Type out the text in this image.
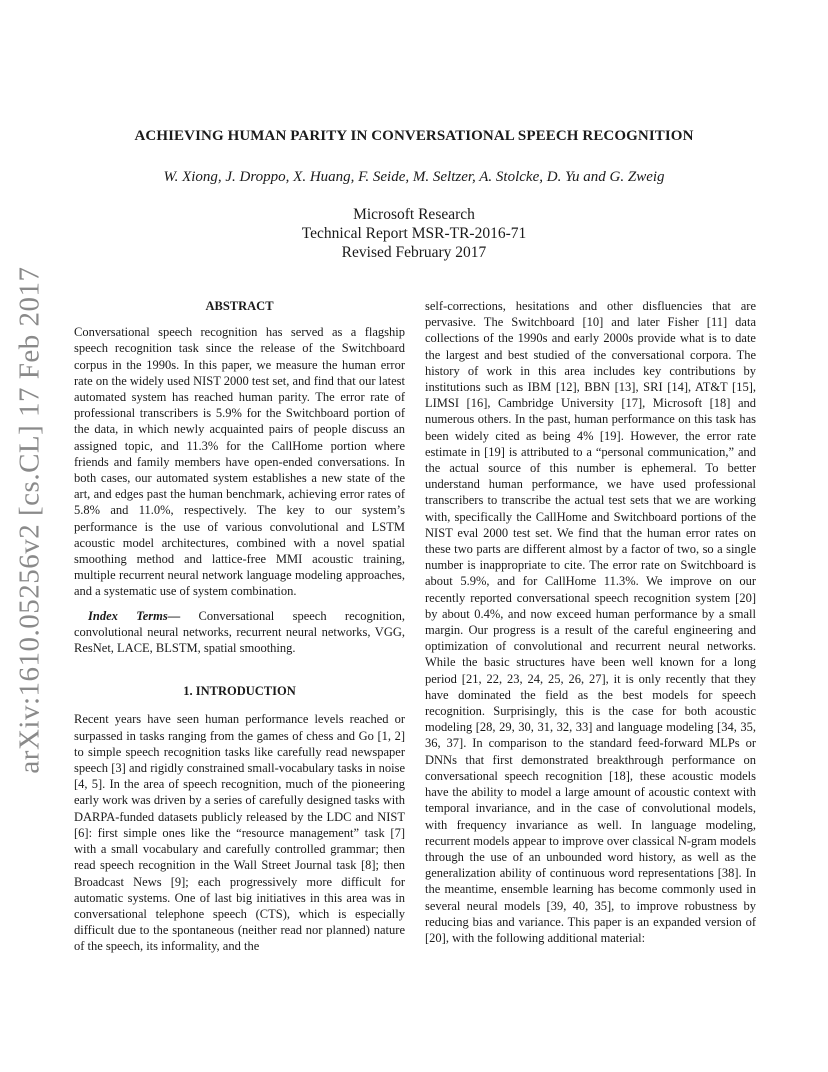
arXiv:1610.05256v2 [cs.CL] 17 Feb 2017
ACHIEVING HUMAN PARITY IN CONVERSATIONAL SPEECH RECOGNITION
W. Xiong, J. Droppo, X. Huang, F. Seide, M. Seltzer, A. Stolcke, D. Yu and G. Zweig
Microsoft Research
Technical Report MSR-TR-2016-71
Revised February 2017
ABSTRACT

Conversational speech recognition has served as a flagship speech recognition task since the release of the Switchboard corpus in the 1990s. In this paper, we measure the human error rate on the widely used NIST 2000 test set, and find that our latest automated system has reached human parity. The error rate of professional transcribers is 5.9% for the Switchboard portion of the data, in which newly acquainted pairs of people discuss an assigned topic, and 11.3% for the CallHome portion where friends and family members have open-ended conversations. In both cases, our automated system establishes a new state of the art, and edges past the human benchmark, achieving error rates of 5.8% and 11.0%, respectively. The key to our system’s performance is the use of various convolutional and LSTM acoustic model architectures, combined with a novel spatial smoothing method and lattice-free MMI acoustic training, multiple recurrent neural network language modeling approaches, and a systematic use of system combination.

Index Terms— Conversational speech recognition, convolutional neural networks, recurrent neural networks, VGG, ResNet, LACE, BLSTM, spatial smoothing.

1. INTRODUCTION

Recent years have seen human performance levels reached or surpassed in tasks ranging from the games of chess and Go [1, 2] to simple speech recognition tasks like carefully read newspaper speech [3] and rigidly constrained small-vocabulary tasks in noise [4, 5]. In the area of speech recognition, much of the pioneering early work was driven by a series of carefully designed tasks with DARPA-funded datasets publicly released by the LDC and NIST [6]: first simple ones like the “resource management” task [7] with a small vocabulary and carefully controlled grammar; then read speech recognition in the Wall Street Journal task [8]; then Broadcast News [9]; each progressively more difficult for automatic systems. One of last big initiatives in this area was in conversational telephone speech (CTS), which is especially difficult due to the spontaneous (neither read nor planned) nature of the speech, its informality, and the

self-corrections, hesitations and other disfluencies that are pervasive. The Switchboard [10] and later Fisher [11] data collections of the 1990s and early 2000s provide what is to date the largest and best studied of the conversational corpora. The history of work in this area includes key contributions by institutions such as IBM [12], BBN [13], SRI [14], AT&T [15], LIMSI [16], Cambridge University [17], Microsoft [18] and numerous others. In the past, human performance on this task has been widely cited as being 4% [19]. However, the error rate estimate in [19] is attributed to a “personal communication,” and the actual source of this number is ephemeral. To better understand human performance, we have used professional transcribers to transcribe the actual test sets that we are working with, specifically the CallHome and Switchboard portions of the NIST eval 2000 test set. We find that the human error rates on these two parts are different almost by a factor of two, so a single number is inappropriate to cite. The error rate on Switchboard is about 5.9%, and for CallHome 11.3%. We improve on our recently reported conversational speech recognition system [20] by about 0.4%, and now exceed human performance by a small margin. Our progress is a result of the careful engineering and optimization of convolutional and recurrent neural networks. While the basic structures have been well known for a long period [21, 22, 23, 24, 25, 26, 27], it is only recently that they have dominated the field as the best models for speech recognition. Surprisingly, this is the case for both acoustic modeling [28, 29, 30, 31, 32, 33] and language modeling [34, 35, 36, 37]. In comparison to the standard feed-forward MLPs or DNNs that first demonstrated breakthrough performance on conversational speech recognition [18], these acoustic models have the ability to model a large amount of acoustic context with temporal invariance, and in the case of convolutional models, with frequency invariance as well. In language modeling, recurrent models appear to improve over classical N-gram models through the use of an unbounded word history, as well as the generalization ability of continuous word representations [38]. In the meantime, ensemble learning has become commonly used in several neural models [39, 40, 35], to improve robustness by reducing bias and variance. This paper is an expanded version of [20], with the following additional material:
